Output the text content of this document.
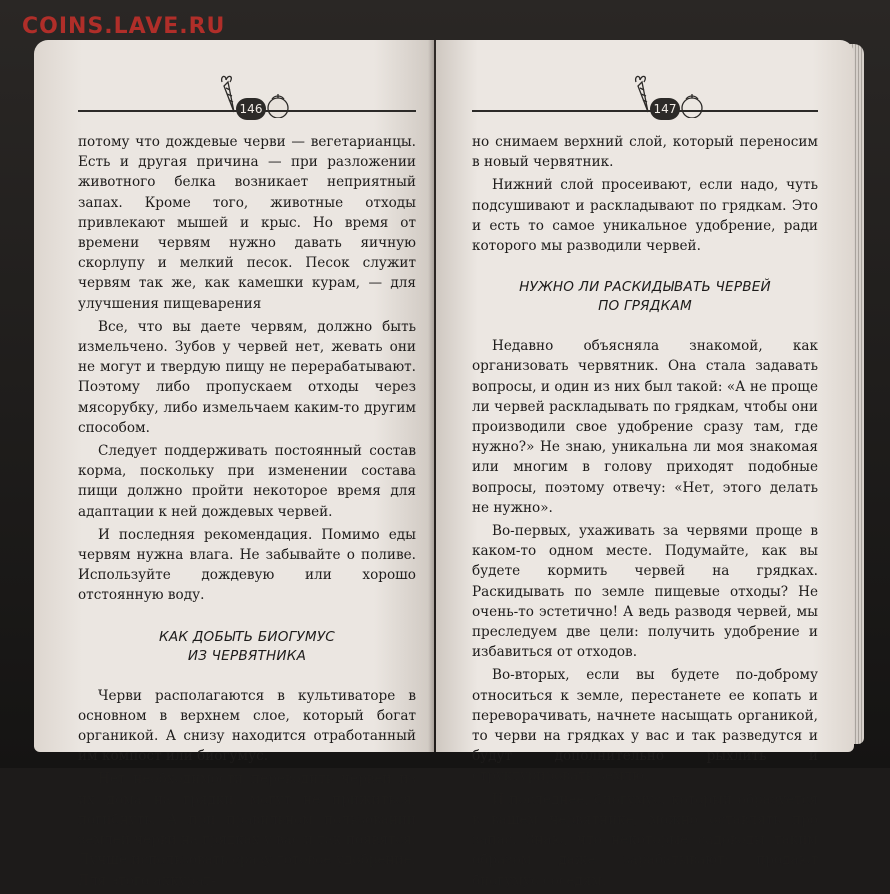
COINS.LAVE.RU
146

потому что дождевые черви — вегетарианцы. Есть и другая причина — при разложении животного белка возникает неприятный запах. Кроме того, животные отходы привлекают мышей и крыс. Но время от времени червям нужно давать яичную скорлупу и мелкий песок. Песок служит червям так же, как камешки курам, — для улучшения пищеварения

Все, что вы даете червям, должно быть измельчено. Зубов у червей нет, жевать они не могут и твердую пищу не перерабатывают. Поэтому либо пропускаем отходы через мясорубку, либо измельчаем каким-то другим способом.

Следует поддерживать постоянный состав корма, поскольку при изменении состава пищи должно пройти некоторое время для адаптации к ней дождевых червей.

И последняя рекомендация. Помимо еды червям нужна влага. Не забывайте о поливе. Используйте дождевую или хорошо отстоянную воду.

КАК ДОБЫТЬ БИОГУМУС
ИЗ ЧЕРВЯТНИКА

Черви располагаются в культиваторе в основном в верхнем слое, который богат органикой. А снизу находится отработанный им компост или биогумус.

Нет необходимости переводить червей из их дома на грядки, могут не прижиться, погибнуть. А при правильном пользовании землей черви на грядках у вас и так появятся. Лучше использовать сразу готовое удобрение. Для этого аккурат-

147

но снимаем верхний слой, который переносим в новый червятник.

Нижний слой просеивают, если надо, чуть подсушивают и раскладывают по грядкам. Это и есть то самое уникальное удобрение, ради которого мы разводили червей.

НУЖНО ЛИ РАСКИДЫВАТЬ ЧЕРВЕЙ
ПО ГРЯДКАМ

Недавно объясняла знакомой, как организовать червятник. Она стала задавать вопросы, и один из них был такой: «А не проще ли червей раскладывать по грядкам, чтобы они производили свое удобрение сразу там, где нужно?» Не знаю, уникальна ли моя знакомая или многим в голову приходят подобные вопросы, поэтому отвечу: «Нет, этого делать не нужно».

Во-первых, ухаживать за червями проще в каком-то одном месте. Подумайте, как вы будете кормить червей на грядках. Раскидывать по земле пищевые отходы? Не очень-то эстетично! А ведь разводя червей, мы преследуем две цели: получить удобрение и избавиться от отходов.

Во-вторых, если вы будете по-доброму относиться к земле, перестанете ее копать и переворачивать, начнете насыщать органикой, то черви на грядках у вас и так разведутся и будут дополнительно рыхлить и структурировать землю.

И последнее, биогумус, который образуется в вашем червятнике, можно оставлять про запас. Знаю, что некоторые садоводы таким образом даже зарабатывают: продают биогумус соседям.
